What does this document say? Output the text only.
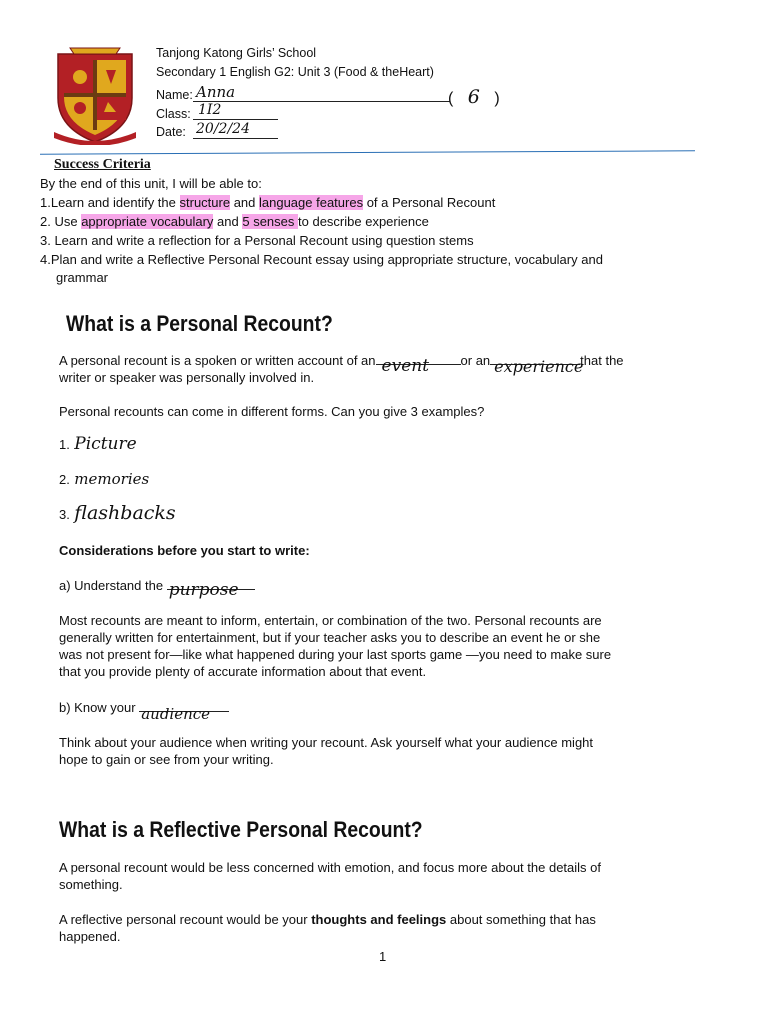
Tanjong Katong Girls’ School
Secondary 1 English G2: Unit 3 (Food & theHeart)
Name: Anna	( 6 )
Class: 1I2
Date: 20/2/24
Success Criteria
By the end of this unit, I will be able to:
1.Learn and identify the structure and language features of a Personal Recount
2. Use appropriate vocabulary and 5 senses to describe experience
3. Learn and write a reflection for a Personal Recount using question stems
4.Plan and write a Reflective Personal Recount essay using appropriate structure, vocabulary and
grammar
What is a Personal Recount?
A personal recount is a spoken or written account of an event or an experience
that the
writer or speaker was personally involved in.
Personal recounts can come in different forms. Can you give 3 examples?
1. Picture
2. memories
3. flashbacks
Considerations before you start to write:
a) Understand the purpose
Most recounts are meant to inform, entertain, or combination of the two. Personal recounts are
generally written for entertainment, but if your teacher asks you to describe an event he or she
was not present for—like what happened during your last sports game —you need to make sure
that you provide plenty of accurate information about that event.
b) Know your audience
Think about your audience when writing your recount. Ask yourself what your audience might
hope to gain or see from your writing.
What is a Reflective Personal Recount?
A personal recount would be less concerned with emotion, and focus more about the details of
something.
A reflective personal recount would be your thoughts and feelings about something that has
happened.
1
